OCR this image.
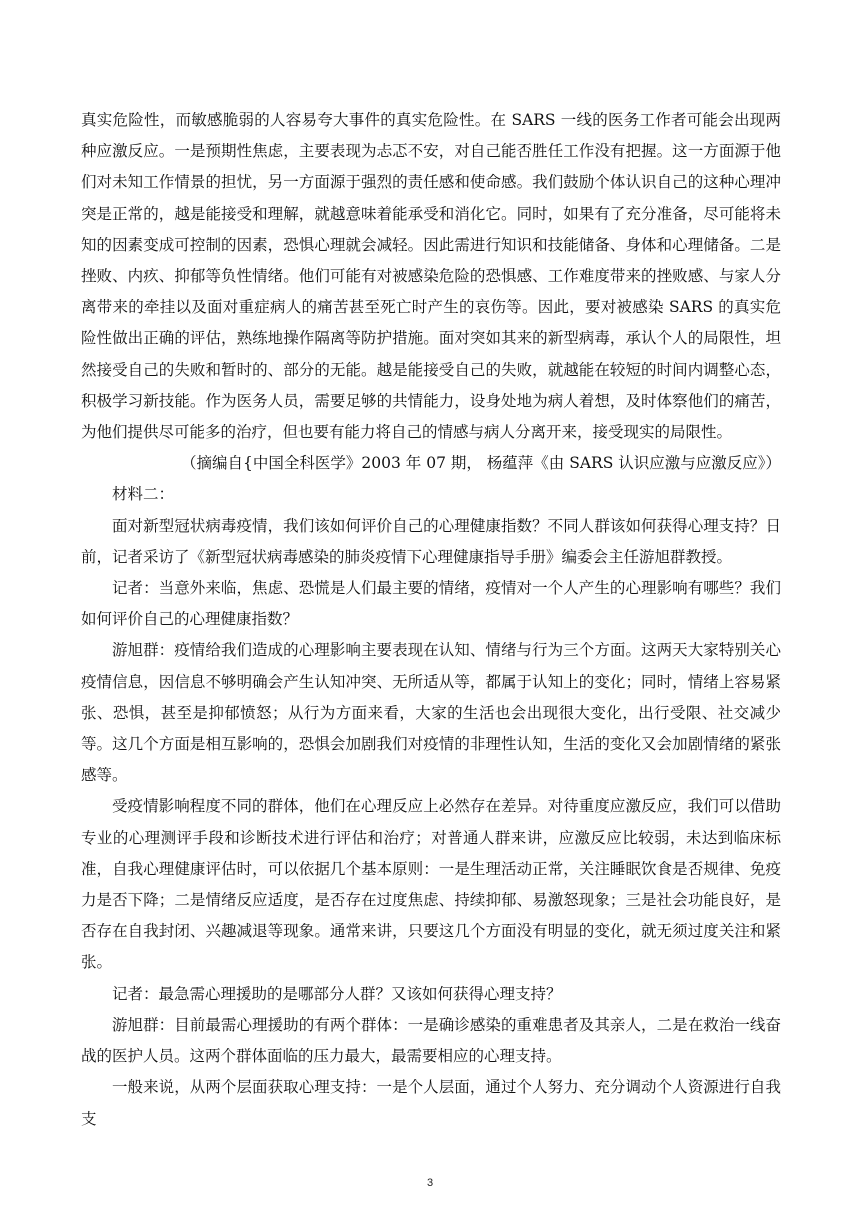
真实危险性，而敏感脆弱的人容易夸大事件的真实危险性。在 SARS 一线的医务工作者可能会出现两种应激反应。一是预期性焦虑，主要表现为忐忑不安，对自己能否胜任工作没有把握。这一方面源于他们对未知工作情景的担忧，另一方面源于强烈的责任感和使命感。我们鼓励个体认识自己的这种心理冲突是正常的，越是能接受和理解，就越意味着能承受和消化它。同时，如果有了充分准备，尽可能将未知的因素变成可控制的因素，恐惧心理就会减轻。因此需进行知识和技能储备、身体和心理储备。二是挫败、内疚、抑郁等负性情绪。他们可能有对被感染危险的恐惧感、工作难度带来的挫败感、与家人分离带来的牵挂以及面对重症病人的痛苦甚至死亡时产生的哀伤等。因此，要对被感染 SARS 的真实危险性做出正确的评估，熟练地操作隔离等防护措施。面对突如其来的新型病毒，承认个人的局限性，坦然接受自己的失败和暂时的、部分的无能。越是能接受自己的失败，就越能在较短的时间内调整心态，积极学习新技能。作为医务人员，需要足够的共情能力，设身处地为病人着想，及时体察他们的痛苦， 为他们提供尽可能多的治疗，但也要有能力将自己的情感与病人分离开来，接受现实的局限性。

（摘编自{中国全科医学》2003 年 07 期， 杨蕴萍《由 SARS 认识应激与应激反应》）

材料二：

面对新型冠状病毒疫情，我们该如何评价自己的心理健康指数？不同人群该如何获得心理支持？日前，记者采访了《新型冠状病毒感染的肺炎疫情下心理健康指导手册》编委会主任游旭群教授。

记者：当意外来临，焦虑、恐慌是人们最主要的情绪，疫情对一个人产生的心理影响有哪些？我们如何评价自己的心理健康指数？

游旭群：疫情给我们造成的心理影响主要表现在认知、情绪与行为三个方面。这两天大家特别关心疫情信息，因信息不够明确会产生认知冲突、无所适从等，都属于认知上的变化；同时，情绪上容易紧张、恐惧，甚至是抑郁愤怒；从行为方面来看，大家的生活也会出现很大变化，出行受限、社交减少等。这几个方面是相互影响的，恐惧会加剧我们对疫情的非理性认知，生活的变化又会加剧情绪的紧张感等。

受疫情影响程度不同的群体，他们在心理反应上必然存在差异。对待重度应激反应，我们可以借助专业的心理测评手段和诊断技术进行评估和治疗；对普通人群来讲，应激反应比较弱，未达到临床标准，自我心理健康评估时，可以依据几个基本原则：一是生理活动正常，关注睡眠饮食是否规律、免疫力是否下降；二是情绪反应适度，是否存在过度焦虑、持续抑郁、易激怒现象；三是社会功能良好，是否存在自我封闭、兴趣减退等现象。通常来讲，只要这几个方面没有明显的变化，就无须过度关注和紧张。

记者：最急需心理援助的是哪部分人群？又该如何获得心理支持？

游旭群：目前最需心理援助的有两个群体：一是确诊感染的重难患者及其亲人，二是在救治一线奋战的医护人员。这两个群体面临的压力最大，最需要相应的心理支持。

一般来说，从两个层面获取心理支持：一是个人层面，通过个人努力、充分调动个人资源进行自我支

3
